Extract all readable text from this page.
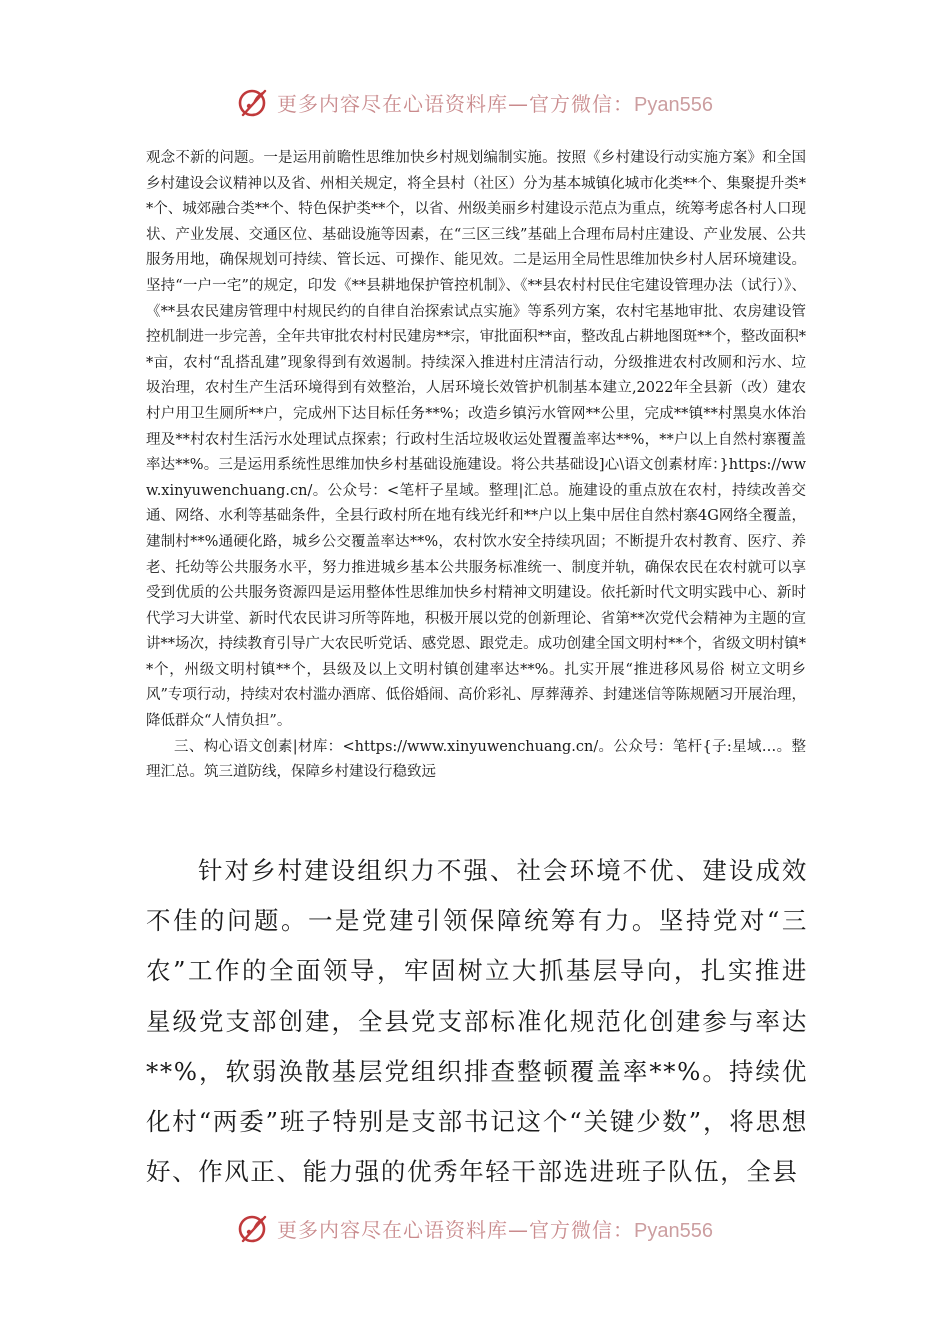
更多内容尽在心语资料库—官方微信：Pyan556

观念不新的问题。一是运用前瞻性思维加快乡村规划编制实施。按照《乡村建设行动实施方案》和全国乡村建设会议精神以及省、州相关规定，将全县村（社区）分为基本城镇化城市化类**个、集聚提升类**个、城郊融合类**个、特色保护类**个，以省、州级美丽乡村建设示范点为重点，统筹考虑各村人口现状、产业发展、交通区位、基础设施等因素，在“三区三线”基础上合理布局村庄建设、产业发展、公共服务用地，确保规划可持续、管长远、可操作、能见效。二是运用全局性思维加快乡村人居环境建设。坚持“一户一宅”的规定，印发《**县耕地保护管控机制》、《**县农村村民住宅建设管理办法（试行）》、《**县农民建房管理中村规民约的自律自治探索试点实施》等系列方案，农村宅基地审批、农房建设管控机制进一步完善，全年共审批农村村民建房**宗，审批面积**亩，整改乱占耕地图斑**个，整改面积**亩，农村“乱搭乱建”现象得到有效遏制。持续深入推进村庄清洁行动，分级推进农村改厕和污水、垃圾治理，农村生产生活环境得到有效整治，人居环境长效管护机制基本建立,2022年全县新（改）建农村户用卫生厕所**户，完成州下达目标任务**%；改造乡镇污水管网**公里，完成**镇**村黑臭水体治理及**村农村生活污水处理试点探索；行政村生活垃圾收运处置覆盖率达**%，**户以上自然村寨覆盖率达**%。三是运用系统性思维加快乡村基础设施建设。将公共基础设]心\语文创素材库：}https://www.xinyuwenchuang.cn/。公众号：<笔杆子星域。整理|汇总。施建设的重点放在农村，持续改善交通、网络、水利等基础条件，全县行政村所在地有线光纤和**户以上集中居住自然村寨4G网络全覆盖，建制村**%通硬化路，城乡公交覆盖率达**%，农村饮水安全持续巩固；不断提升农村教育、医疗、养老、托幼等公共服务水平，努力推进城乡基本公共服务标准统一、制度并轨，确保农民在农村就可以享受到优质的公共服务资源四是运用整体性思维加快乡村精神文明建设。依托新时代文明实践中心、新时代学习大讲堂、新时代农民讲习所等阵地，积极开展以党的创新理论、省第**次党代会精神为主题的宣讲**场次，持续教育引导广大农民听党话、感党恩、跟党走。成功创建全国文明村**个，省级文明村镇**个，州级文明村镇**个，县级及以上文明村镇创建率达**%。扎实开展“推进移风易俗 树立文明乡风”专项行动，持续对农村滥办酒席、低俗婚闹、高价彩礼、厚葬薄养、封建迷信等陈规陋习开展治理，降低群众“人情负担”。

三、构心语文创素|材库：<https://www.xinyuwenchuang.cn/。公众号：笔杆{子:星域…。整理汇总。筑三道防线，保障乡村建设行稳致远

针对乡村建设组织力不强、社会环境不优、建设成效不佳的问题。一是党建引领保障统筹有力。坚持党对“三农”工作的全面领导，牢固树立大抓基层导向，扎实推进星级党支部创建，全县党支部标准化规范化创建参与率达**%，软弱涣散基层党组织排查整顿覆盖率**%。持续优化村“两委”班子特别是支部书记这个“关键少数”，将思想好、作风正、能力强的优秀年轻干部选进班子队伍，全县

更多内容尽在心语资料库—官方微信：Pyan556
